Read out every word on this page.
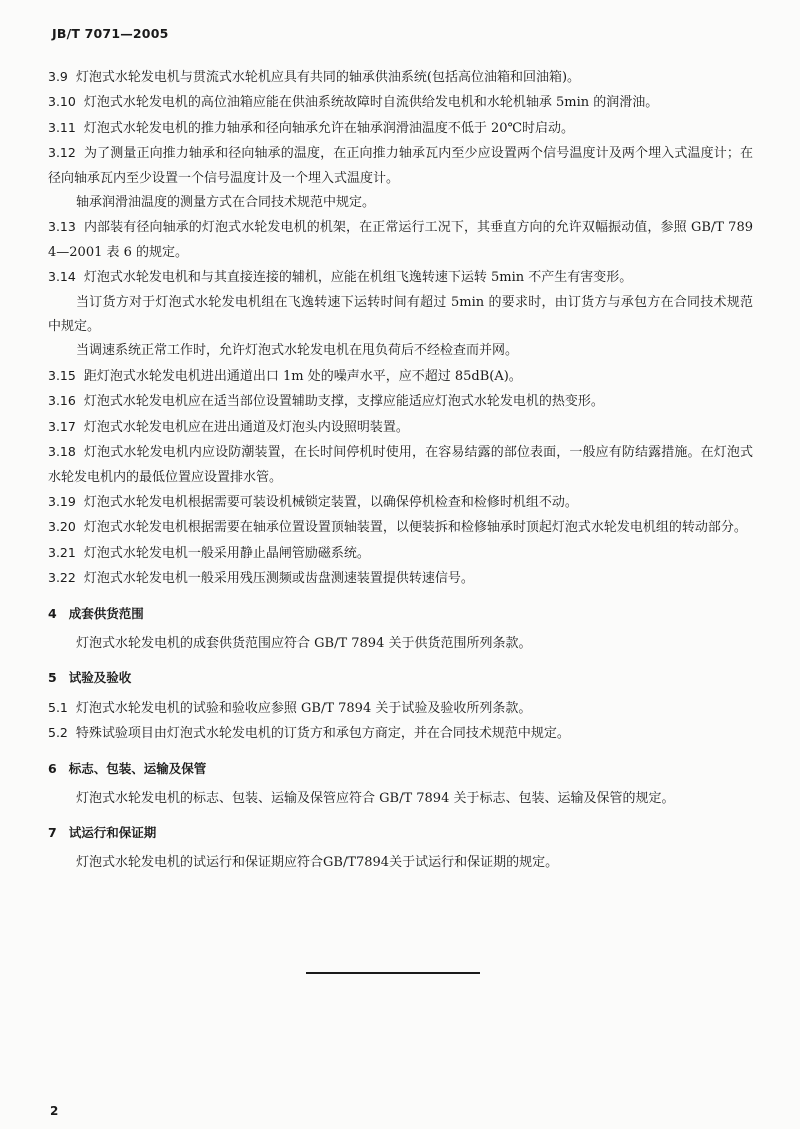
JB/T 7071—2005

3.9 灯泡式水轮发电机与贯流式水轮机应具有共同的轴承供油系统(包括高位油箱和回油箱)。

3.10 灯泡式水轮发电机的高位油箱应能在供油系统故障时自流供给发电机和水轮机轴承 5min 的润滑油。

3.11 灯泡式水轮发电机的推力轴承和径向轴承允许在轴承润滑油温度不低于 20℃时启动。

3.12 为了测量正向推力轴承和径向轴承的温度，在正向推力轴承瓦内至少应设置两个信号温度计及两个埋入式温度计；在径向轴承瓦内至少设置一个信号温度计及一个埋入式温度计。

轴承润滑油温度的测量方式在合同技术规范中规定。

3.13 内部装有径向轴承的灯泡式水轮发电机的机架，在正常运行工况下，其垂直方向的允许双幅振动值，参照 GB/T 7894—2001 表 6 的规定。

3.14 灯泡式水轮发电机和与其直接连接的辅机，应能在机组飞逸转速下运转 5min 不产生有害变形。

当订货方对于灯泡式水轮发电机组在飞逸转速下运转时间有超过 5min 的要求时，由订货方与承包方在合同技术规范中规定。

当调速系统正常工作时，允许灯泡式水轮发电机在甩负荷后不经检查而并网。

3.15 距灯泡式水轮发电机进出通道出口 1m 处的噪声水平，应不超过 85dB(A)。

3.16 灯泡式水轮发电机应在适当部位设置辅助支撑，支撑应能适应灯泡式水轮发电机的热变形。

3.17 灯泡式水轮发电机应在进出通道及灯泡头内设照明装置。

3.18 灯泡式水轮发电机内应设防潮装置，在长时间停机时使用，在容易结露的部位表面，一般应有防结露措施。在灯泡式水轮发电机内的最低位置应设置排水管。

3.19 灯泡式水轮发电机根据需要可装设机械锁定装置，以确保停机检查和检修时机组不动。

3.20 灯泡式水轮发电机根据需要在轴承位置设置顶轴装置，以便装拆和检修轴承时顶起灯泡式水轮发电机组的转动部分。

3.21 灯泡式水轮发电机一般采用静止晶闸管励磁系统。

3.22 灯泡式水轮发电机一般采用残压测频或齿盘测速装置提供转速信号。

4 成套供货范围

灯泡式水轮发电机的成套供货范围应符合 GB/T 7894 关于供货范围所列条款。

5 试验及验收

5.1 灯泡式水轮发电机的试验和验收应参照 GB/T 7894 关于试验及验收所列条款。

5.2 特殊试验项目由灯泡式水轮发电机的订货方和承包方商定，并在合同技术规范中规定。

6 标志、包装、运输及保管

灯泡式水轮发电机的标志、包装、运输及保管应符合 GB/T 7894 关于标志、包装、运输及保管的规定。

7 试运行和保证期

灯泡式水轮发电机的试运行和保证期应符合GB/T7894关于试运行和保证期的规定。

2
